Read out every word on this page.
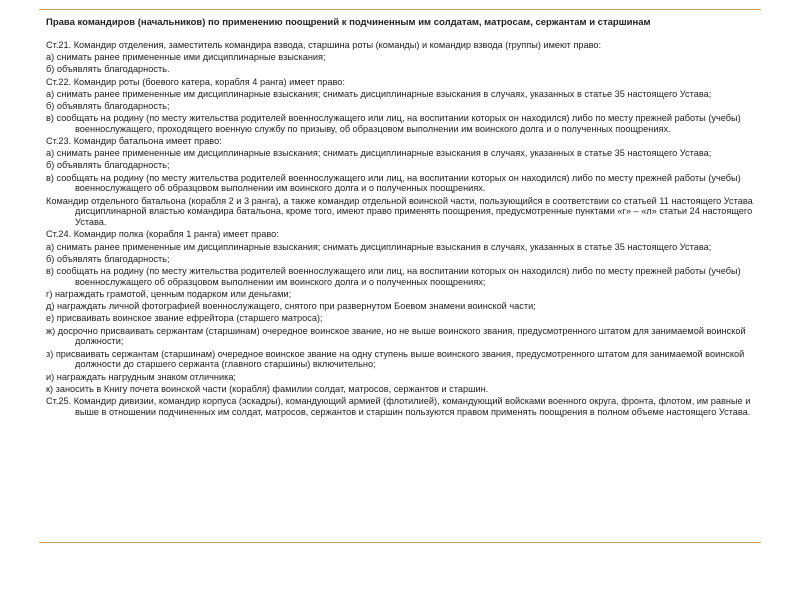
Права командиров (начальников) по применению поощрений к подчиненным им солдатам, матросам, сержантам и старшинам
Ст.21. Командир отделения, заместитель командира взвода, старшина роты (команды) и командир взвода (группы) имеют право:
а) снимать ранее примененные ими дисциплинарные взыскания;
б) объявлять благодарность.
Ст.22. Командир роты (боевого катера, корабля 4 ранга) имеет право:
а) снимать ранее примененные им дисциплинарные взыскания; снимать дисциплинарные взыскания в случаях, указанных в статье 35 настоящего Устава;
б) объявлять благодарность;
в) сообщать на родину (по месту жительства родителей военнослужащего или лиц, на воспитании которых он находился) либо по месту прежней работы (учебы) военнослужащего, проходящего военную службу по призыву, об образцовом выполнении им воинского долга и о полученных поощрениях.
Ст.23. Командир батальона имеет право:
а) снимать ранее примененные им дисциплинарные взыскания; снимать дисциплинарные взыскания в случаях, указанных в статье 35 настоящего Устава;
б) объявлять благодарность;
в) сообщать на родину (по месту жительства родителей военнослужащего или лиц, на воспитании которых он находился) либо по месту прежней работы (учебы) военнослужащего об образцовом выполнении им воинского долга и о полученных поощрениях.
Командир отдельного батальона (корабля 2 и 3 ранга), а также командир отдельной воинской части, пользующийся в соответствии со статьей 11 настоящего Устава дисциплинарной властью командира батальона, кроме того, имеют право применять поощрения, предусмотренные пунктами «г» – «л» статьи 24 настоящего Устава.
Ст.24. Командир полка (корабля 1 ранга) имеет право:
а) снимать ранее примененные им дисциплинарные взыскания; снимать дисциплинарные взыскания в случаях, указанных в статье 35 настоящего Устава;
б) объявлять благодарность;
в) сообщать на родину (по месту жительства родителей военнослужащего или лиц, на воспитании которых он находился) либо по месту прежней работы (учебы) военнослужащего об образцовом выполнении им воинского долга и о полученных поощрениях;
г) награждать грамотой, ценным подарком или деньгами;
д) награждать личной фотографией военнослужащего, снятого при развернутом Боевом знамени воинской части;
е) присваивать воинское звание ефрейтора (старшего матроса);
ж) досрочно присваивать сержантам (старшинам) очередное воинское звание, но не выше воинского звания, предусмотренного штатом для занимаемой воинской должности;
з) присваивать сержантам (старшинам) очередное воинское звание на одну ступень выше воинского звания, предусмотренного штатом для занимаемой воинской должности до старшего сержанта (главного старшины) включительно;
и) награждать нагрудным знаком отличника;
к) заносить в Книгу почета воинской части (корабля) фамилии солдат, матросов, сержантов и старшин.
Ст.25. Командир дивизии, командир корпуса (эскадры), командующий армией (флотилией), командующий войсками военного округа, фронта, флотом, им равные и выше в отношении подчиненных им солдат, матросов, сержантов и старшин пользуются правом применять поощрения в полном объеме настоящего Устава.
